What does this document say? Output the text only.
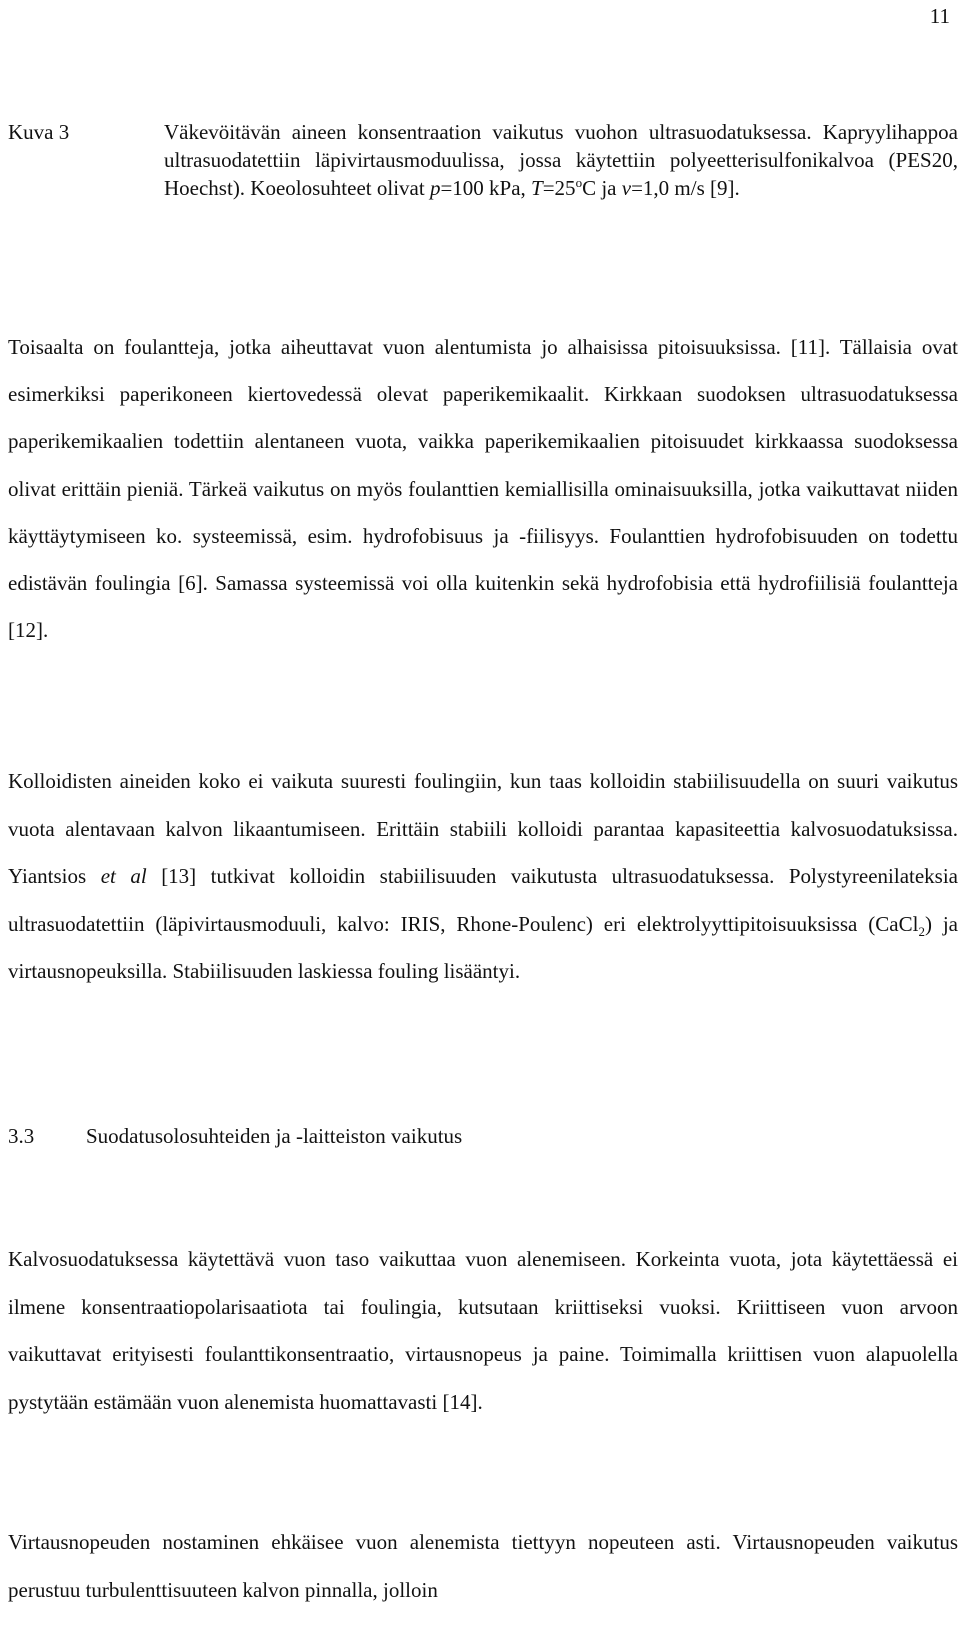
11
Kuva 3	Väkevöitävän aineen konsentraation vaikutus vuohon ultrasuodatuksessa. Kapryylihappoa ultrasuodatettiin läpivirtausmoduulissa, jossa käytettiin polyeetterisulfonikalvoa (PES20, Hoechst). Koeolosuhteet olivat p=100 kPa, $T=25^oC$ ja v=1,0 m/s [9].

Toisaalta on foulantteja, jotka aiheuttavat vuon alentumista jo alhaisissa pitoisuuksissa. [11]. Tällaisia ovat esimerkiksi paperikoneen kiertovedessä olevat paperikemikaalit. Kirkkaan suodoksen ultrasuodatuksessa paperikemikaalien todettiin alentaneen vuota, vaikka paperikemikaalien pitoisuudet kirkkaassa suodoksessa olivat erittäin pieniä. Tärkeä vaikutus on myös foulanttien kemiallisilla ominaisuuksilla, jotka vaikuttavat niiden käyttäytymiseen ko. systeemissä, esim. hydrofobisuus ja -fiilisyys. Foulanttien hydrofobisuuden on todettu edistävän foulingia [6]. Samassa systeemissä voi olla kuitenkin sekä hydrofobisia että hydrofiilisiä foulantteja [12].

Kolloidisten aineiden koko ei vaikuta suuresti foulingiin, kun taas kolloidin stabiilisuudella on suuri vaikutus vuota alentavaan kalvon likaantumiseen. Erittäin stabiili kolloidi parantaa kapasiteettia kalvosuodatuksissa. Yiantsios et al [13] tutkivat kolloidin stabiilisuuden vaikutusta ultrasuodatuksessa. Polystyreenilateksia ultrasuodatettiin (läpivirtausmoduuli, kalvo: IRIS, Rhone-Poulenc) eri elektrolyyttipitoisuuksissa (CaCl$_2$) ja virtausnopeuksilla. Stabiilisuuden laskiessa fouling lisääntyi.

3.3 Suodatusolosuhteiden ja -laitteiston vaikutus

Kalvosuodatuksessa käytettävä vuon taso vaikuttaa vuon alenemiseen. Korkeinta vuota, jota käytettäessä ei ilmene konsentraatiopolarisaatiota tai foulingia, kutsutaan kriittiseksi vuoksi. Kriittiseen vuon arvoon vaikuttavat erityisesti foulanttikonsentraatio, virtausnopeus ja paine. Toimimalla kriittisen vuon alapuolella pystytään estämään vuon alenemista huomattavasti [14].

Virtausnopeuden nostaminen ehkäisee vuon alenemista tiettyyn nopeuteen asti. Virtausnopeuden vaikutus perustuu turbulenttisuuteen kalvon pinnalla, jolloin
